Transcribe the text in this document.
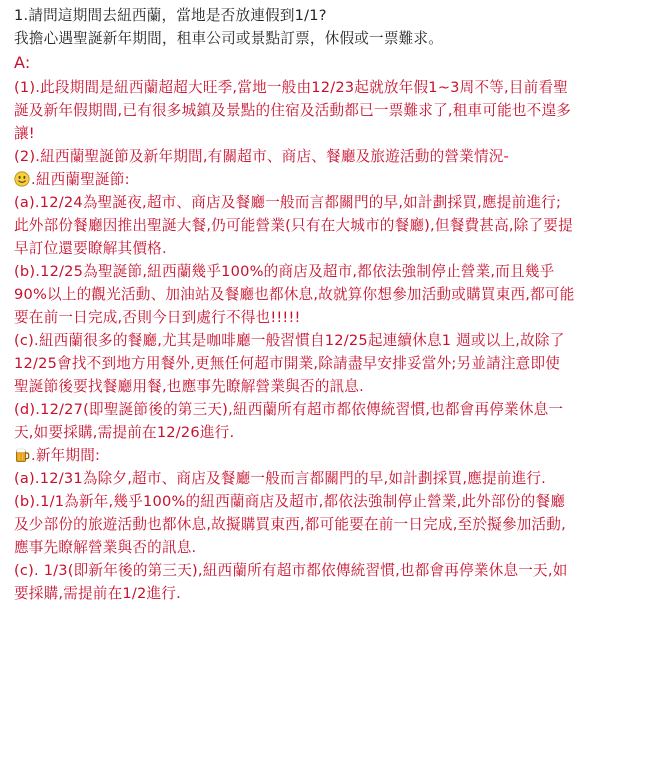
1.請問這期間去紐西蘭，當地是否放連假到1/1?
我擔心遇聖誕新年期間，租車公司或景點訂票，休假或一票難求。
A:
(1).此段期間是紐西蘭超超大旺季,當地一般由12/23起就放年假1~3周不等,目前看聖
誕及新年假期間,已有很多城鎮及景點的住宿及活動都已一票難求了,租車可能也不遑多
讓!
(2).紐西蘭聖誕節及新年期間,有關超市、商店、餐廳及旅遊活動的營業情況-
.紐西蘭聖誕節:
(a).12/24為聖誕夜,超市、商店及餐廳一般而言都關門的早,如計劃採買,應提前進行;
此外部份餐廳因推出聖誕大餐,仍可能營業(只有在大城市的餐廳),但餐費甚高,除了要提
早訂位還要瞭解其價格.
(b).12/25為聖誕節,紐西蘭幾乎100%的商店及超市,都依法強制停止營業,而且幾乎
90%以上的觀光活動、加油站及餐廳也都休息,故就算你想參加活動或購買東西,都可能
要在前一日完成,否則今日到處行不得也!!!!!
(c).紐西蘭很多的餐廳,尤其是咖啡廳一般習慣自12/25起連續休息1 週或以上,故除了
12/25會找不到地方用餐外,更無任何超市開業,除請盡早安排妥當外;另並請注意即使
聖誕節後要找餐廳用餐,也應事先瞭解營業與否的訊息.
(d).12/27(即聖誕節後的第三天),紐西蘭所有超市都依傳統習慣,也都會再停業休息一
天,如要採購,需提前在12/26進行.
.新年期間:
(a).12/31為除夕,超市、商店及餐廳一般而言都關門的早,如計劃採買,應提前進行.
(b).1/1為新年,幾乎100%的紐西蘭商店及超市,都依法強制停止營業,此外部份的餐廳
及少部份的旅遊活動也都休息,故擬購買東西,都可能要在前一日完成,至於擬參加活動,
應事先瞭解營業與否的訊息.
(c). 1/3(即新年後的第三天),紐西蘭所有超市都依傳統習慣,也都會再停業休息一天,如
要採購,需提前在1/2進行.
